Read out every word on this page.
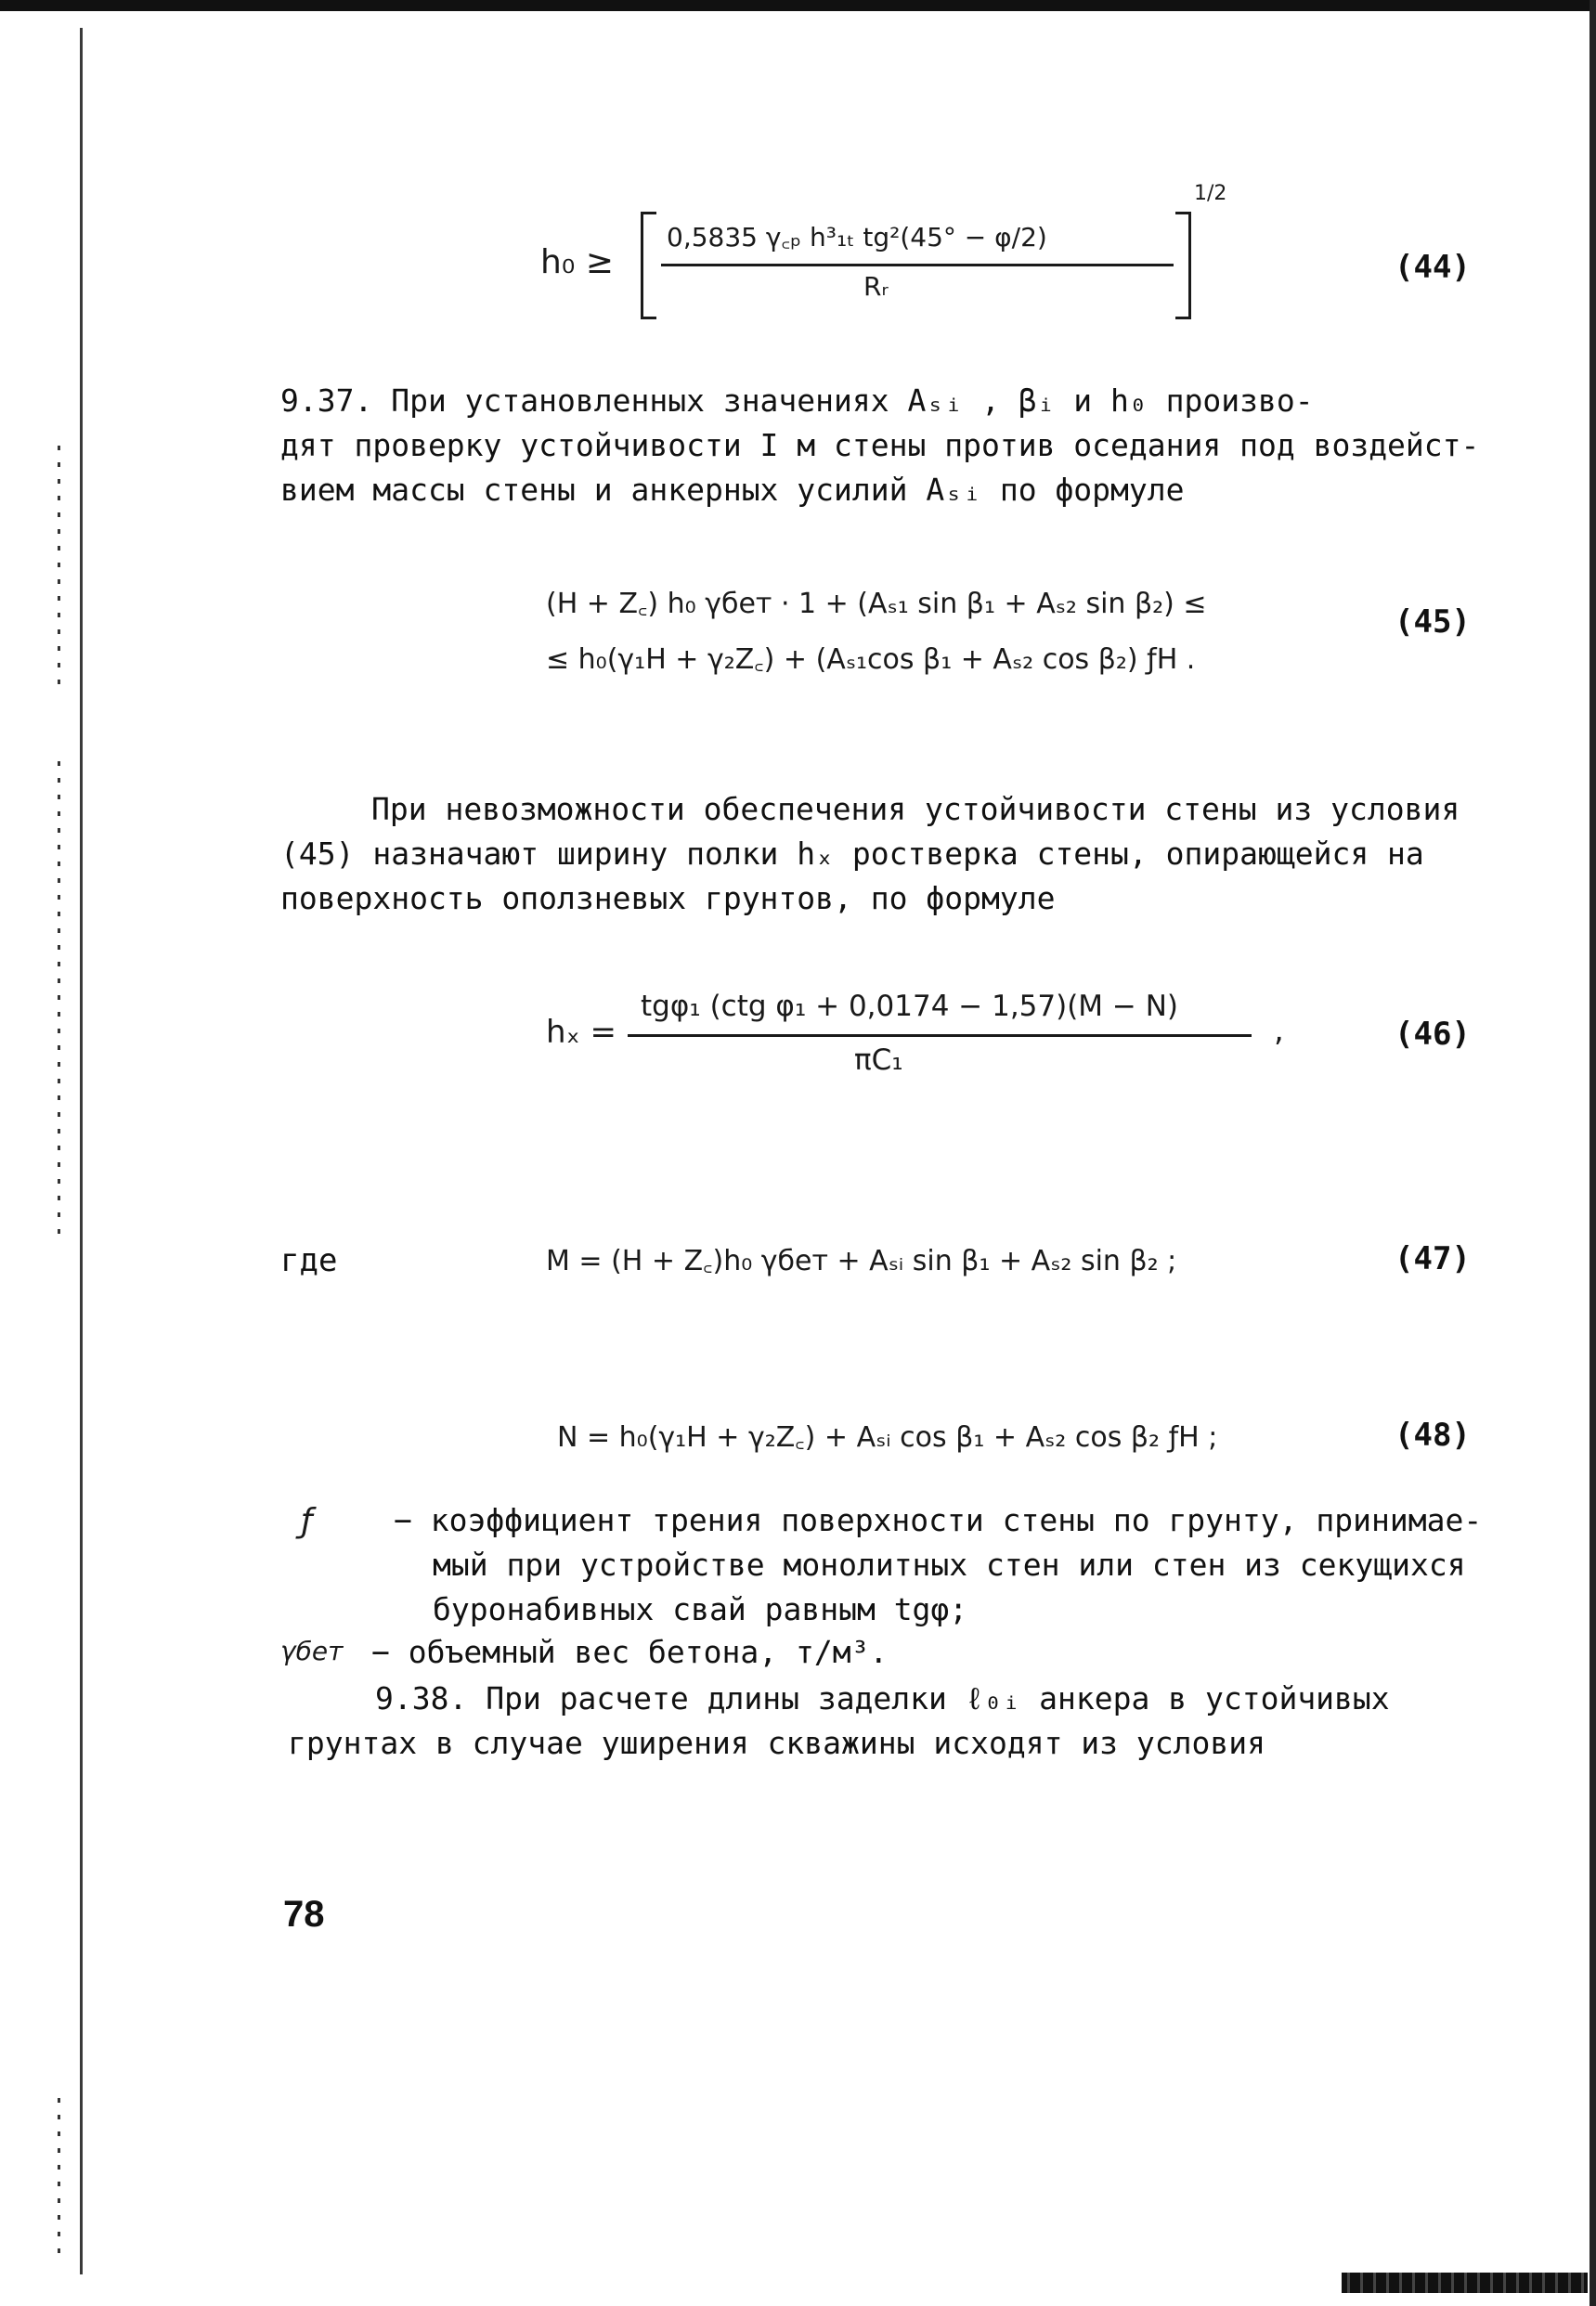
h₀ ≥
0,5835 γ꜀ₚ h³₁ₜ tg²(45° − φ/2)
Rᵣ
1/2
(44)
9.37. При установленных значениях Aₛᵢ , βᵢ и h₀ произво-
дят проверку устойчивости I м стены против оседания под воздейст-
вием массы стены и анкерных усилий Aₛᵢ по формуле
(H + Z꜀) h₀ γбет · 1 + (Aₛ₁ sin β₁ + Aₛ₂ sin β₂) ≤
≤ h₀(γ₁H + γ₂Z꜀) + (Aₛ₁cos β₁ + Aₛ₂ cos β₂) ƒH .
(45)
При невозможности обеспечения устойчивости стены из условия
(45) назначают ширину полки hₓ ростверка стены, опирающейся на
поверхность оползневых грунтов, по формуле
hₓ =
tgφ₁ (ctg φ₁ + 0,0174 − 1,57)(M − N)
πC₁
,	(46)
где	M = (H + Z꜀)h₀ γбет + Aₛᵢ sin β₁ + Aₛ₂ sin β₂ ;	(47)
N = h₀(γ₁H + γ₂Z꜀) + Aₛᵢ cos β₁ + Aₛ₂ cos β₂ ƒH ;	(48)
ƒ	− коэффициент трения поверхности стены по грунту, принимае-
мый при устройстве монолитных стен или стен из секущихся
буронабивных свай равным tgφ;
γбет − объемный вес бетона, т/м³.
9.38. При расчете длины заделки ℓ₀ᵢ анкера в устойчивых
грунтах в случае уширения скважины исходят из условия
78
